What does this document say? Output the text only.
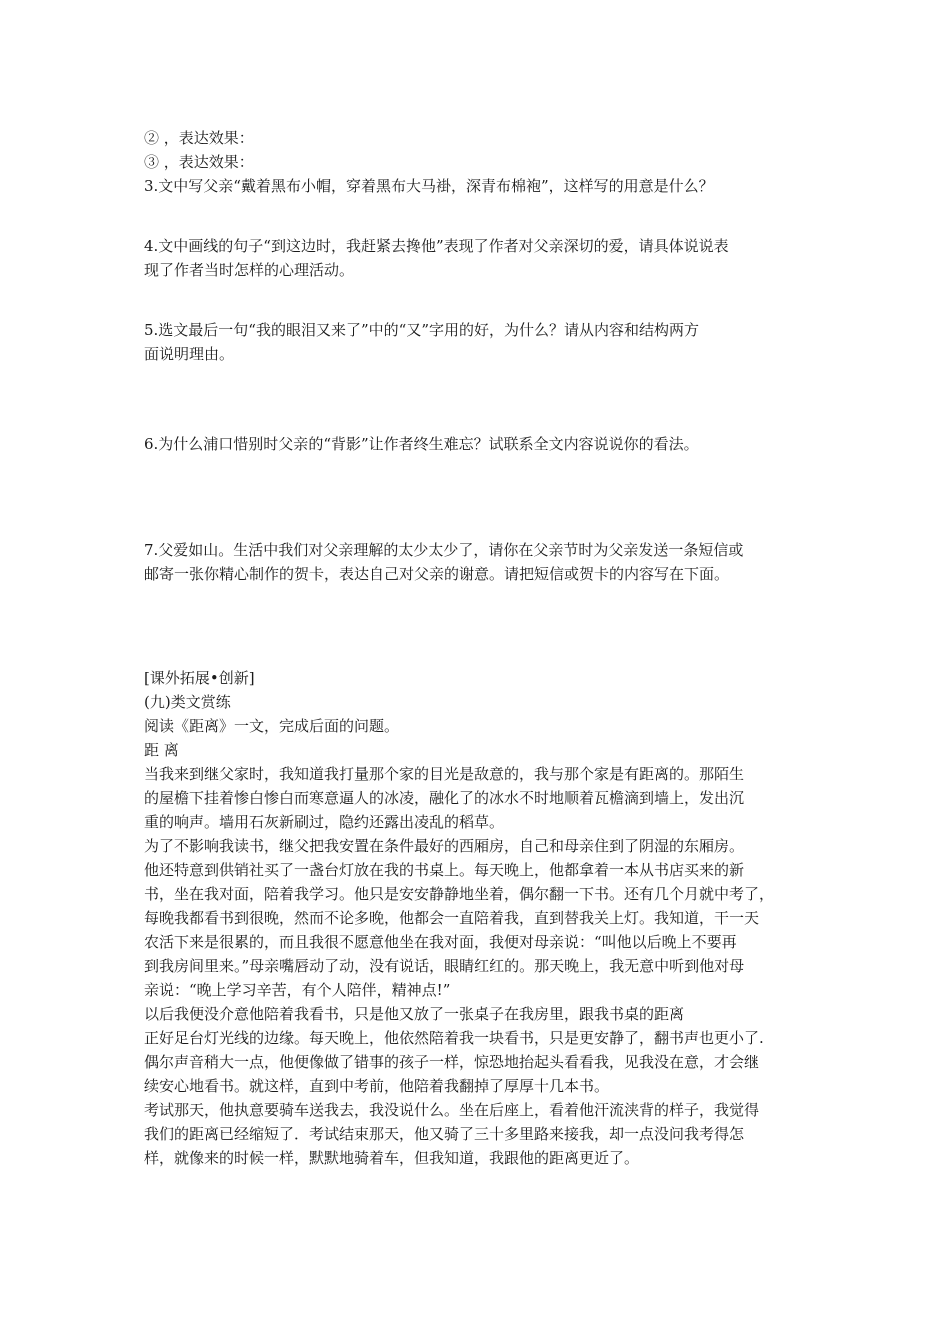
② ，表达效果：
③ ，表达效果：
3.文中写父亲“戴着黑布小帽，穿着黑布大马褂，深青布棉袍”，这样写的用意是什么？
4.文中画线的句子“到这边时，我赶紧去搀他”表现了作者对父亲深切的爱，请具体说说表
现了作者当时怎样的心理活动。
5.选文最后一句“我的眼泪又来了”中的“又”字用的好，为什么？请从内容和结构两方
面说明理由。
6.为什么浦口惜别时父亲的“背影”让作者终生难忘？试联系全文内容说说你的看法。
7.父爱如山。生活中我们对父亲理解的太少太少了，请你在父亲节时为父亲发送一条短信或
邮寄一张你精心制作的贺卡，表达自己对父亲的谢意。请把短信或贺卡的内容写在下面。
[课外拓展•创新]
(九)类文赏练
阅读《距离》一文，完成后面的问题。
距 离
当我来到继父家时，我知道我打量那个家的目光是敌意的，我与那个家是有距离的。那陌生
的屋檐下挂着惨白惨白而寒意逼人的冰凌，融化了的冰水不时地顺着瓦檐滴到墙上，发出沉
重的响声。墙用石灰新刷过，隐约还露出凌乱的稻草。
为了不影响我读书，继父把我安置在条件最好的西厢房，自己和母亲住到了阴湿的东厢房。
他还特意到供销社买了一盏台灯放在我的书桌上。每天晚上，他都拿着一本从书店买来的新
书，坐在我对面，陪着我学习。他只是安安静静地坐着，偶尔翻一下书。还有几个月就中考了，
每晚我都看书到很晚，然而不论多晚，他都会一直陪着我，直到替我关上灯。我知道，干一天
农活下来是很累的，而且我很不愿意他坐在我对面，我便对母亲说：“叫他以后晚上不要再
到我房间里来。”母亲嘴唇动了动，没有说话，眼睛红红的。那天晚上，我无意中听到他对母
亲说：“晚上学习辛苦，有个人陪伴，精神点!”
以后我便没介意他陪着我看书，只是他又放了一张桌子在我房里，跟我书桌的距离
正好足台灯光线的边缘。每天晚上，他依然陪着我一块看书，只是更安静了，翻书声也更小了.
偶尔声音稍大一点，他便像做了错事的孩子一样，惊恐地抬起头看看我，见我没在意，才会继
续安心地看书。就这样，直到中考前，他陪着我翻掉了厚厚十几本书。
考试那天，他执意要骑车送我去，我没说什么。坐在后座上，看着他汗流浃背的样子，我觉得
我们的距离已经缩短了．考试结束那天，他又骑了三十多里路来接我，却一点没问我考得怎
样，就像来的时候一样，默默地骑着车，但我知道，我跟他的距离更近了。
